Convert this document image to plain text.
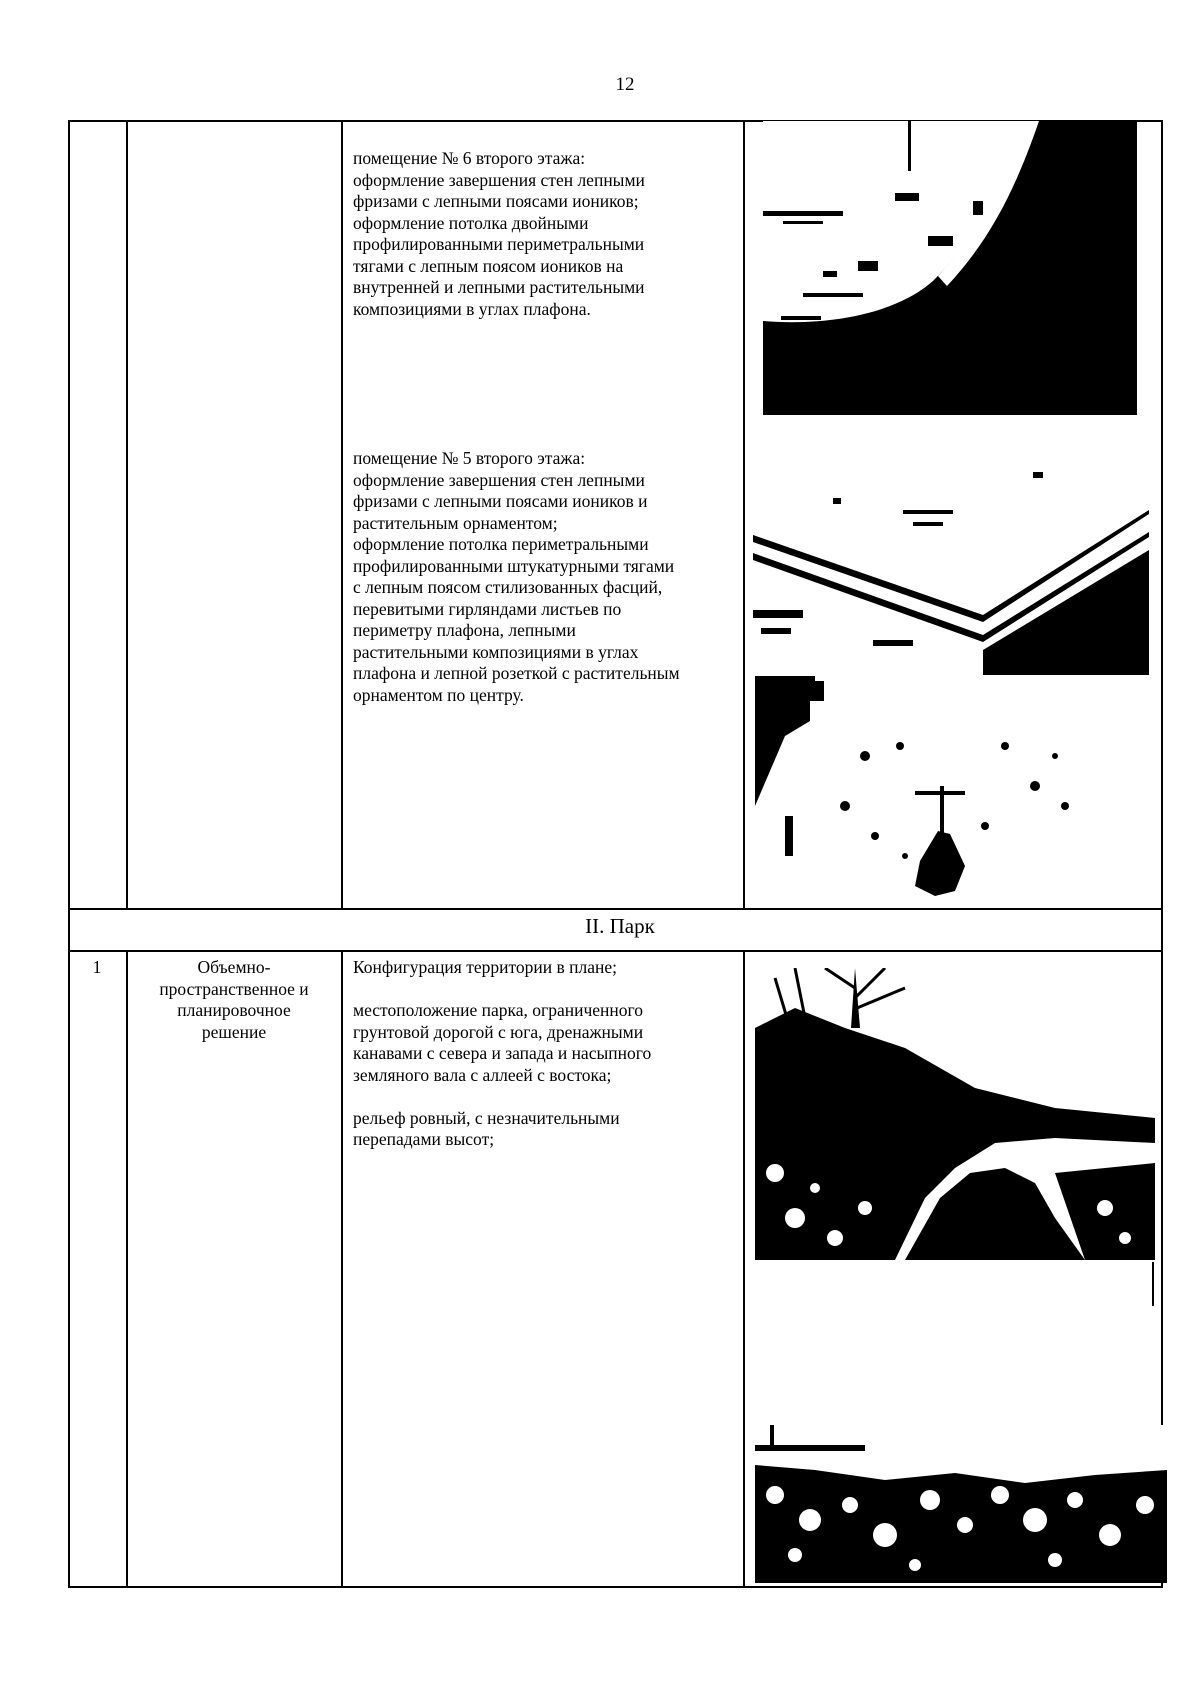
12

помещение № 6 второго этажа:

оформление завершения стен лепными

фризами с лепными поясами иоников;

оформление потолка двойными

профилированными периметральными

тягами с лепным поясом иоников на

внутренней и лепными растительными

композициями в углах плафона.

помещение № 5 второго этажа:

оформление завершения стен лепными

фризами с лепными поясами иоников и

растительным орнаментом;

оформление потолка периметральными

профилированными штукатурными тягами

с лепным поясом стилизованных фасций,

перевитыми гирляндами листьев по

периметру плафона, лепными

растительными композициями в углах

плафона и лепной розеткой с растительным

орнаментом по центру.

II. Парк
1	Объемно-

пространственное и

планировочное

решение

Конфигурация территории в плане;

местоположение парка, ограниченного

грунтовой дорогой с юга, дренажными

канавами с севера и запада и насыпного

земляного вала с аллеей с востока;

рельеф ровный, с незначительными

перепадами высот;
